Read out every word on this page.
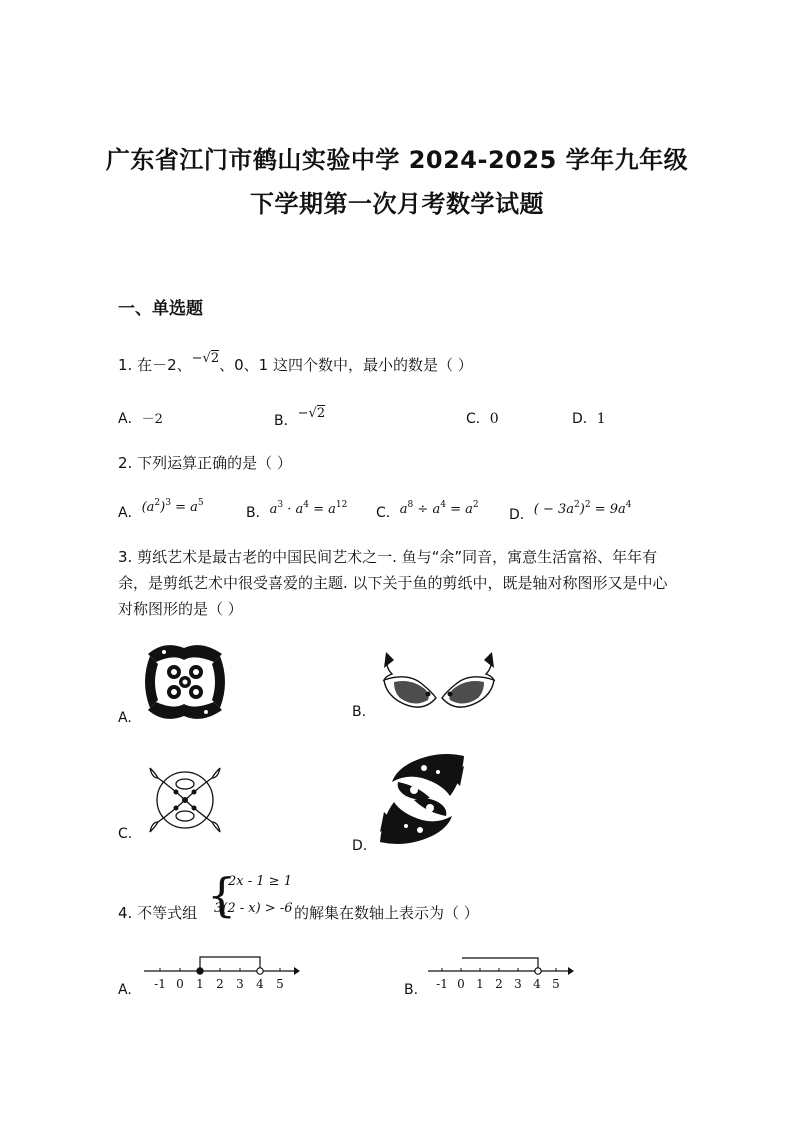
广东省江门市鹤山实验中学 2024-2025 学年九年级
下学期第一次月考数学试题
一、单选题
1. 在－2、−√2、0、1 这四个数中，最小的数是（ ）
A．－2	B．−√2	C．0	D．1
2. 下列运算正确的是（ ）
A．$(a^2)^3 = a^5$
B．$a^3 \cdot a^4 = a^{12}$ C．$a^8 \div a^4 = a^2$
D．( − $3a^2)^2 = 9a^4$
3. 剪纸艺术是最古老的中国民间艺术之一. 鱼与“余”同音，寓意生活富裕、年年有余，是剪纸艺术中很受喜爱的主题. 以下关于鱼的剪纸中，既是轴对称图形又是中心对称图形的是（ ）
A.	B.
C.
D.
4. 不等式组 {
2x - 1 ≥ 1
3(2 - x) > -6 的解集在数轴上表示为（ ）
-1 0 1 2 3 4 5
A.	-1 0 1 2 3 4 5
B.
